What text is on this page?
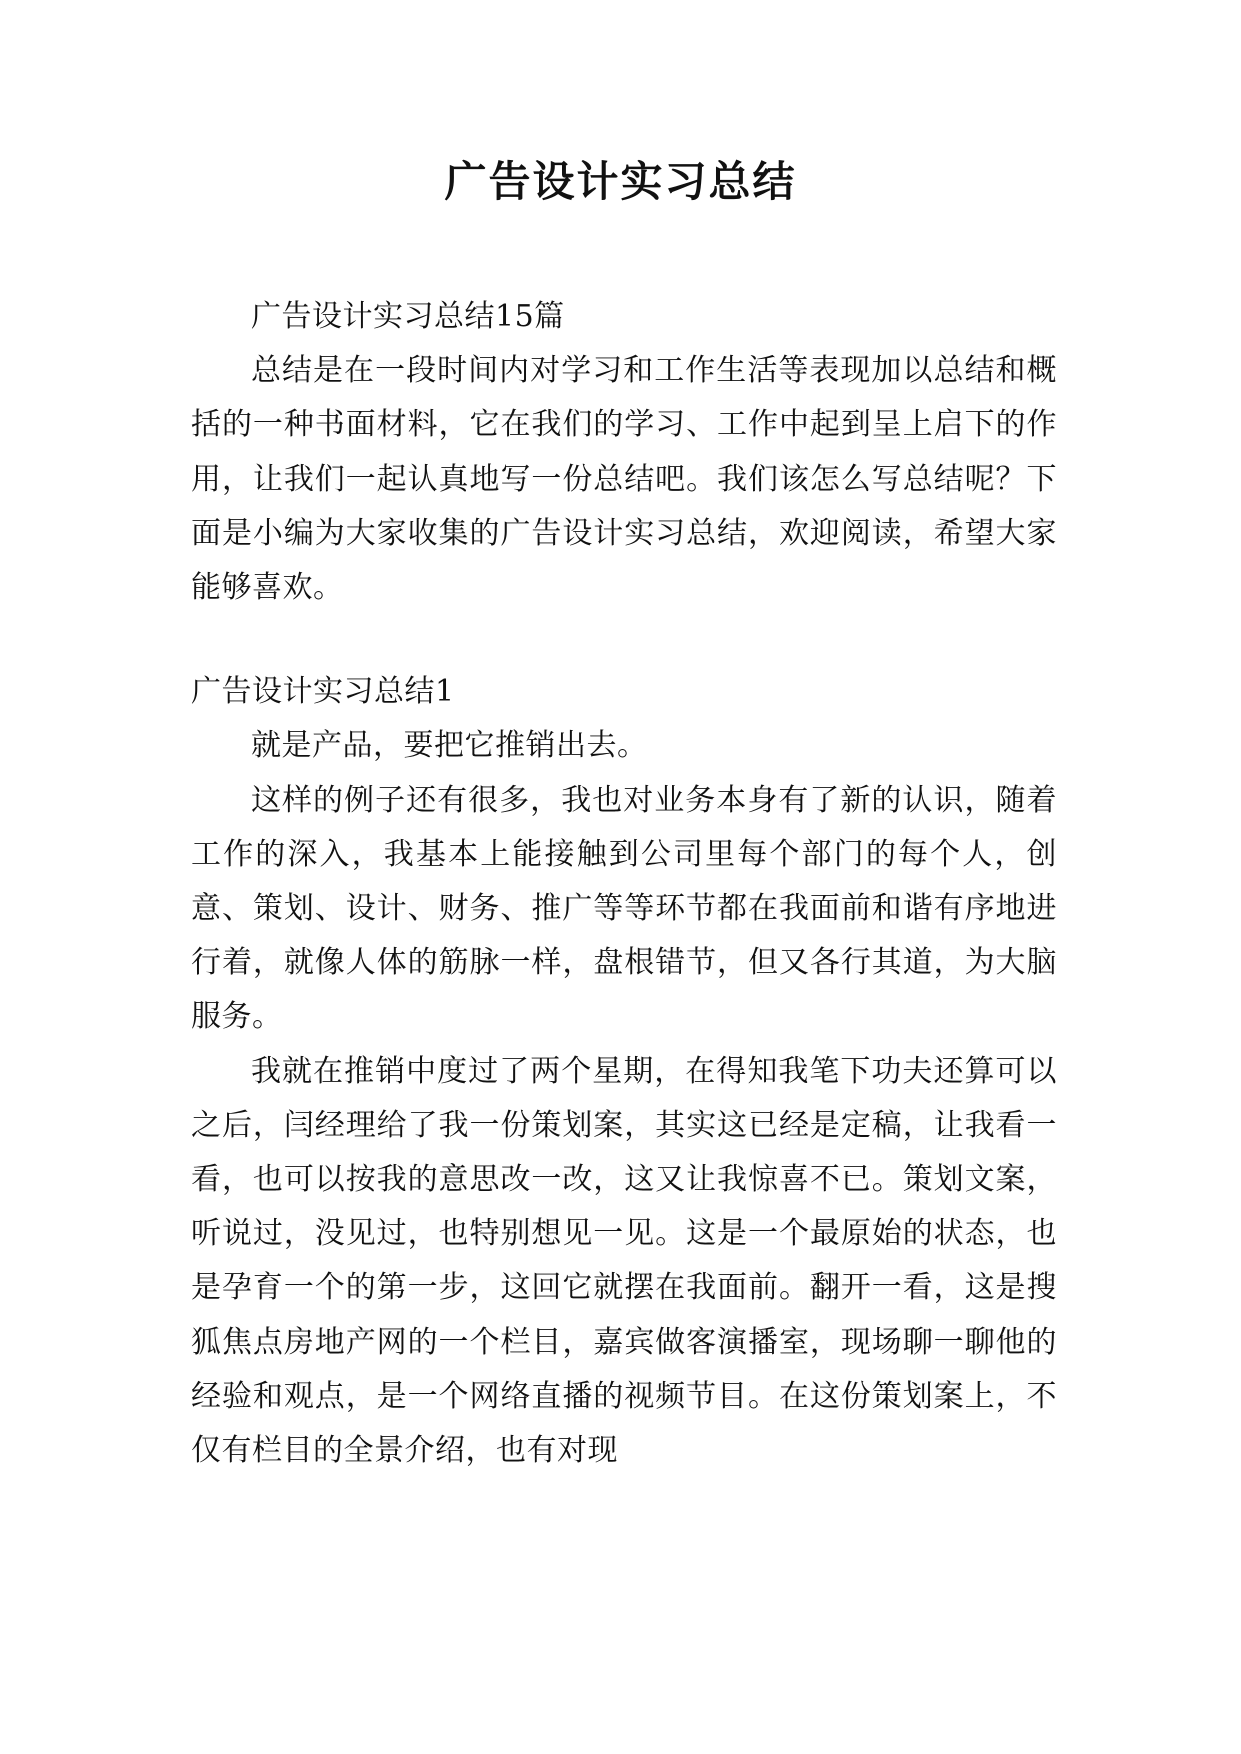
广告设计实习总结

广告设计实习总结15篇

总结是在一段时间内对学习和工作生活等表现加以总结和概括的一种书面材料，它在我们的学习、工作中起到呈上启下的作用，让我们一起认真地写一份总结吧。我们该怎么写总结呢？下面是小编为大家收集的广告设计实习总结，欢迎阅读，希望大家能够喜欢。

广告设计实习总结1

就是产品，要把它推销出去。

这样的例子还有很多，我也对业务本身有了新的认识，随着工作的深入，我基本上能接触到公司里每个部门的每个人，创意、策划、设计、财务、推广等等环节都在我面前和谐有序地进行着，就像人体的筋脉一样，盘根错节，但又各行其道，为大脑服务。

我就在推销中度过了两个星期，在得知我笔下功夫还算可以之后，闫经理给了我一份策划案，其实这已经是定稿，让我看一看，也可以按我的意思改一改，这又让我惊喜不已。策划文案，听说过，没见过，也特别想见一见。这是一个最原始的状态，也是孕育一个的第一步，这回它就摆在我面前。翻开一看，这是搜狐焦点房地产网的一个栏目，嘉宾做客演播室，现场聊一聊他的经验和观点，是一个网络直播的视频节目。在这份策划案上，不仅有栏目的全景介绍，也有对现
